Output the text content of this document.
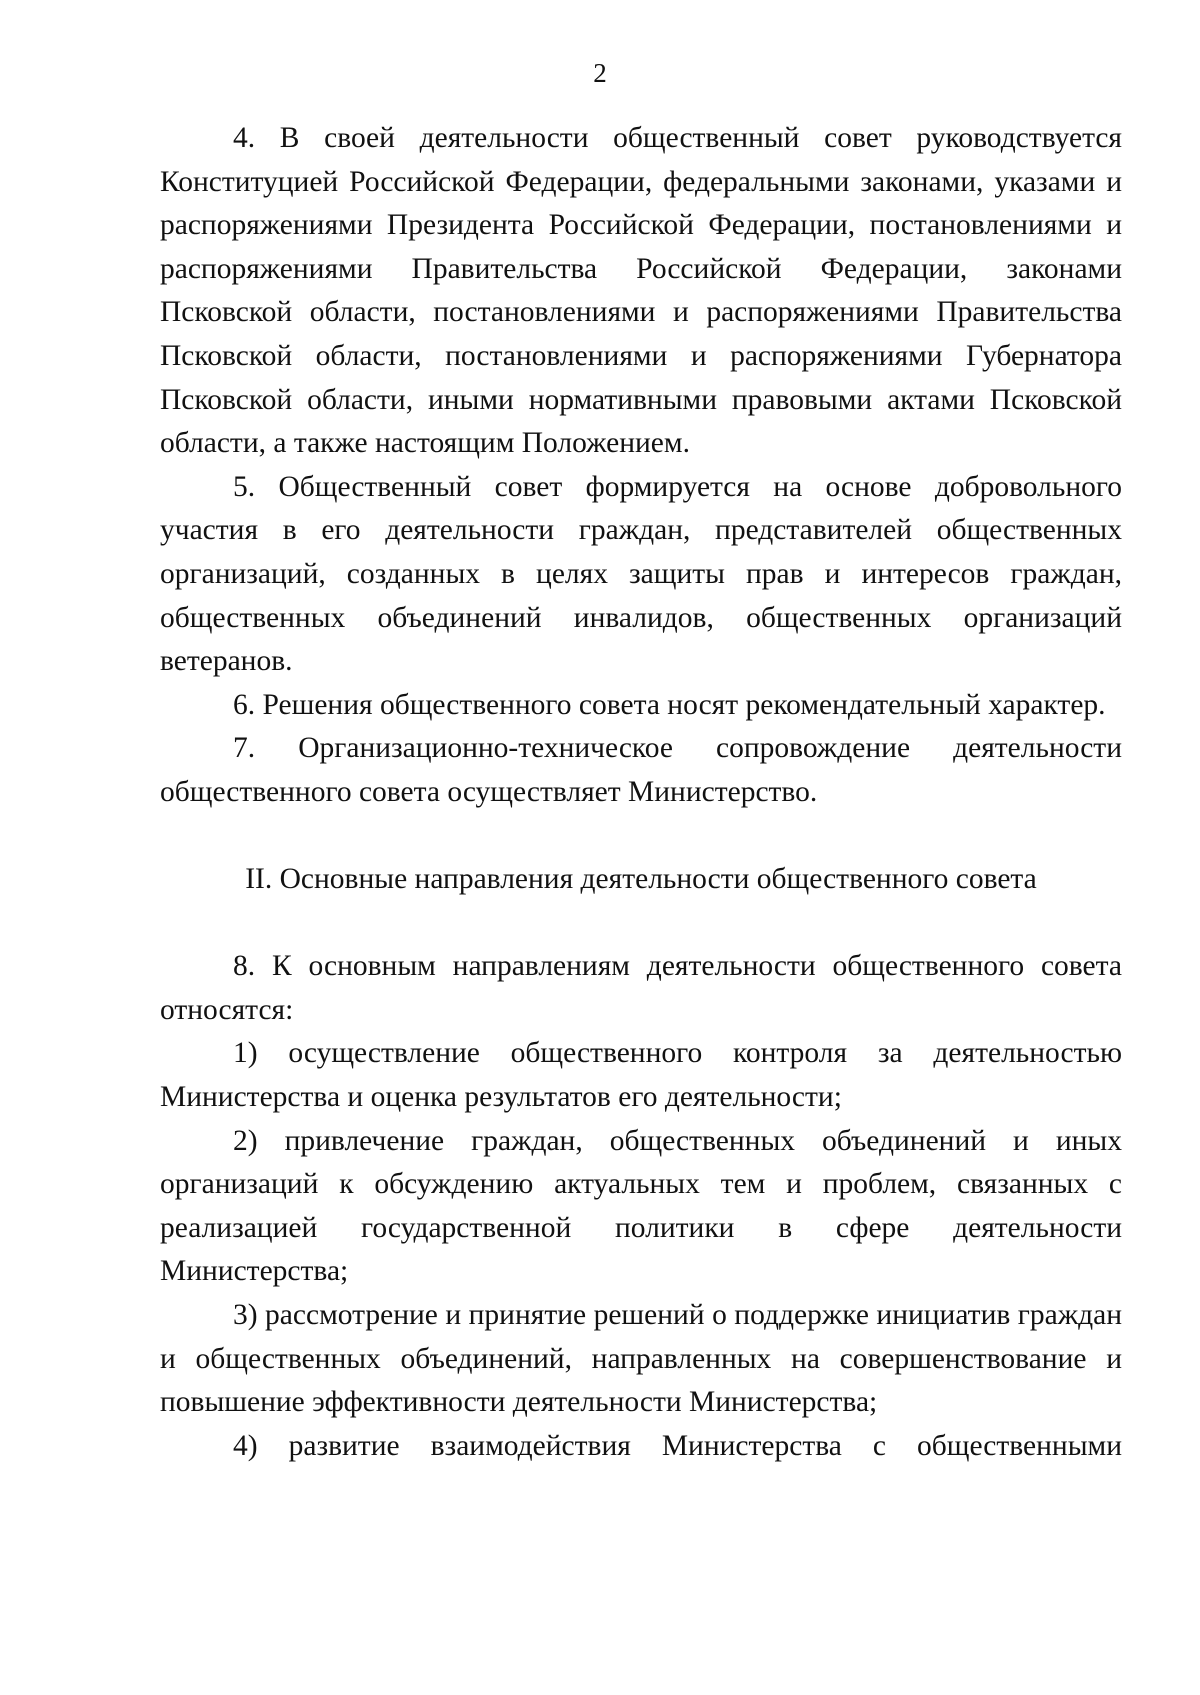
2

4. В своей деятельности общественный совет руководствуется Конституцией Российской Федерации, федеральными законами, указами и распоряжениями Президента Российской Федерации, постановлениями и распоряжениями Правительства Российской Федерации, законами Псковской области, постановлениями и распоряжениями Правительства Псковской области, постановлениями и распоряжениями Губернатора Псковской области, иными нормативными правовыми актами Псковской области, а также настоящим Положением.

5. Общественный совет формируется на основе добровольного участия в его деятельности граждан, представителей общественных организаций, созданных в целях защиты прав и интересов граждан, общественных объединений инвалидов, общественных организаций ветеранов.

6. Решения общественного совета носят рекомендательный характер.

7. Организационно-техническое сопровождение деятельности общественного совета осуществляет Министерство.

II. Основные направления деятельности общественного совета

8. К основным направлениям деятельности общественного совета относятся:

1) осуществление общественного контроля за деятельностью Министерства и оценка результатов его деятельности;

2) привлечение граждан, общественных объединений и иных организаций к обсуждению актуальных тем и проблем, связанных с реализацией государственной политики в сфере деятельности Министерства;

3) рассмотрение и принятие решений о поддержке инициатив граждан и общественных объединений, направленных на совершенствование и повышение эффективности деятельности Министерства;

4) развитие взаимодействия Министерства с общественными
